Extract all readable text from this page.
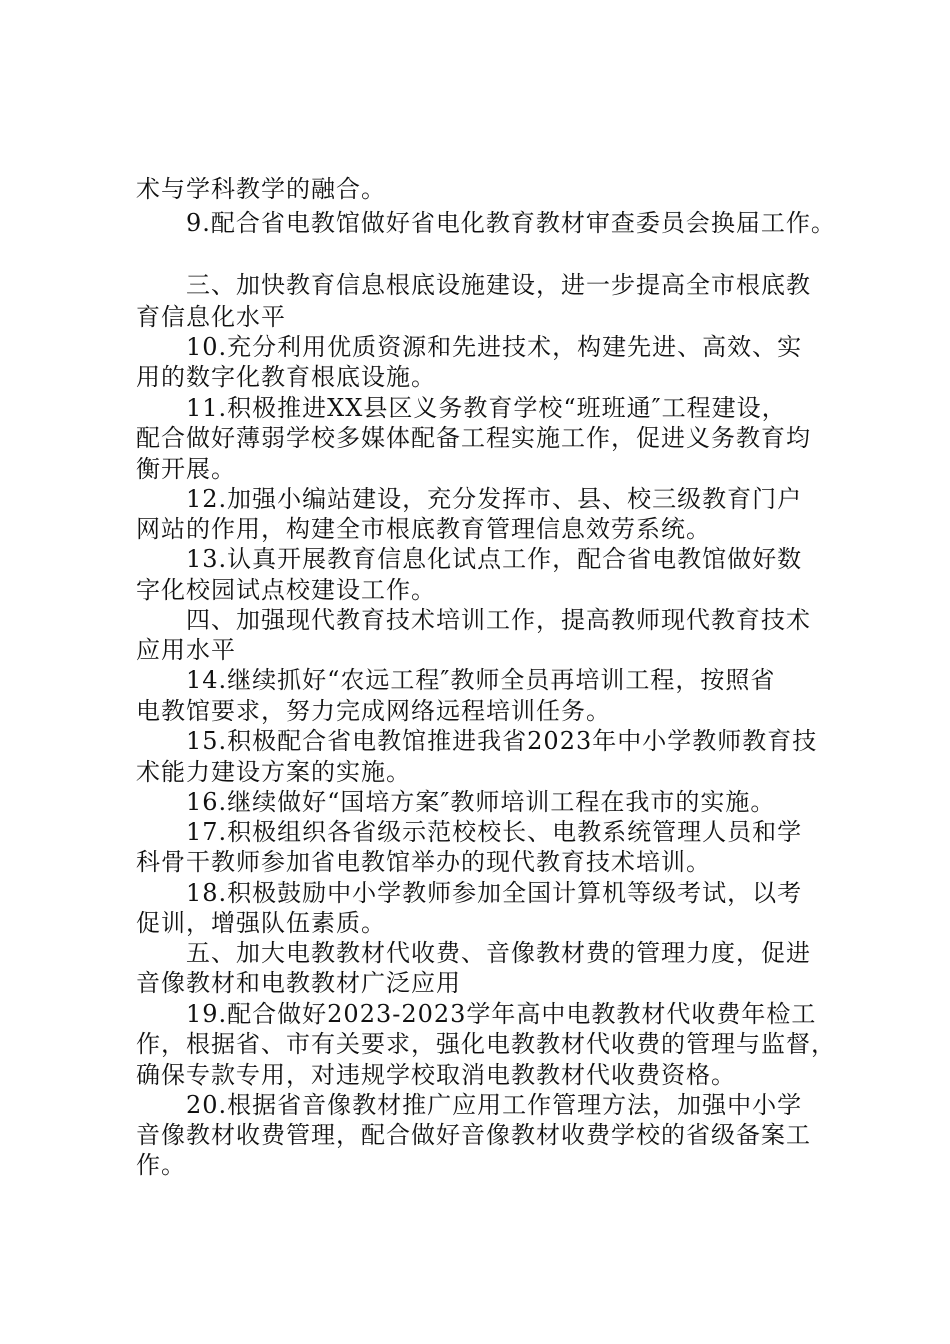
术与学科教学的融合。
9.配合省电教馆做好省电化教育教材审查委员会换届工作。
三、加快教育信息根底设施建设，进一步提高全市根底教
育信息化水平
10.充分利用优质资源和先进技术，构建先进、高效、实
用的数字化教育根底设施。
11.积极推进XX县区义务教育学校“班班通″工程建设，
配合做好薄弱学校多媒体配备工程实施工作，促进义务教育均
衡开展。
12.加强小编站建设，充分发挥市、县、校三级教育门户
网站的作用，构建全市根底教育管理信息效劳系统。
13.认真开展教育信息化试点工作，配合省电教馆做好数
字化校园试点校建设工作。
四、加强现代教育技术培训工作，提高教师现代教育技术
应用水平
14.继续抓好“农远工程″教师全员再培训工程，按照省
电教馆要求，努力完成网络远程培训任务。
15.积极配合省电教馆推进我省2023年中小学教师教育技
术能力建设方案的实施。
16.继续做好“国培方案″教师培训工程在我市的实施。
17.积极组织各省级示范校校长、电教系统管理人员和学
科骨干教师参加省电教馆举办的现代教育技术培训。
18.积极鼓励中小学教师参加全国计算机等级考试，以考
促训，增强队伍素质。
五、加大电教教材代收费、音像教材费的管理力度，促进
音像教材和电教教材广泛应用
19.配合做好2023-2023学年高中电教教材代收费年检工
作，根据省、市有关要求，强化电教教材代收费的管理与监督，
确保专款专用，对违规学校取消电教教材代收费资格。
20.根据省音像教材推广应用工作管理方法，加强中小学
音像教材收费管理，配合做好音像教材收费学校的省级备案工
作。
